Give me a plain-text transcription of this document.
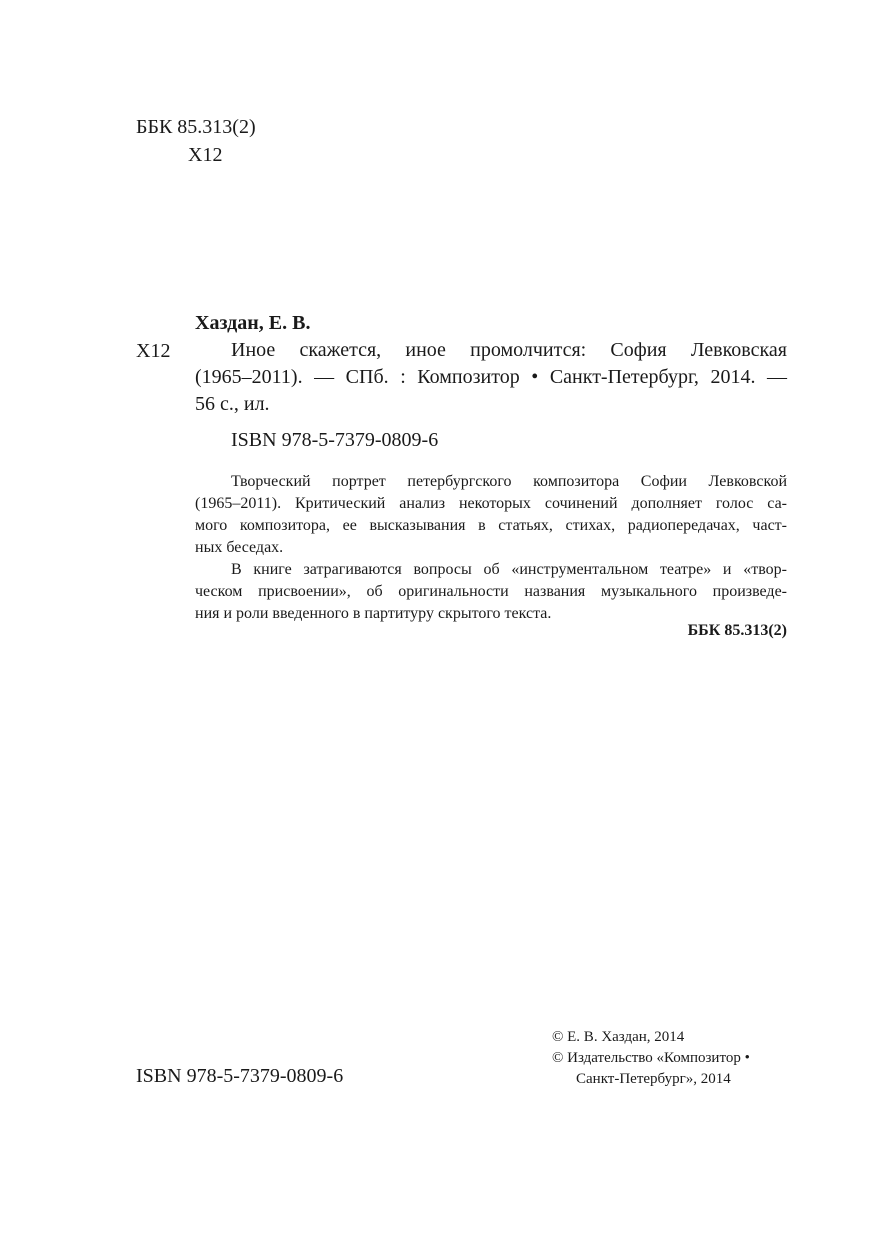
ББК 85.313(2)
Х12
Хаздан, Е. В.
Х12	Иное скажется, иное промолчится: София Левковская
(1965–2011). — СПб. : Композитор • Санкт-Петербург, 2014. —
56 с., ил.
ISBN 978-5-7379-0809-6
Творческий портрет петербургского композитора Софии Левковской
(1965–2011). Критический анализ некоторых сочинений дополняет голос са-
мого композитора, ее высказывания в статьях, стихах, радиопередачах, част-
ных беседах.
В книге затрагиваются вопросы об «инструментальном театре» и «твор-
ческом присвоении», об оригинальности названия музыкального произведе-
ния и роли введенного в партитуру скрытого текста.
ББК 85.313(2)
© Е. В. Хаздан, 2014
© Издательство «Композитор •
Санкт-Петербург», 2014
ISBN 978-5-7379-0809-6
